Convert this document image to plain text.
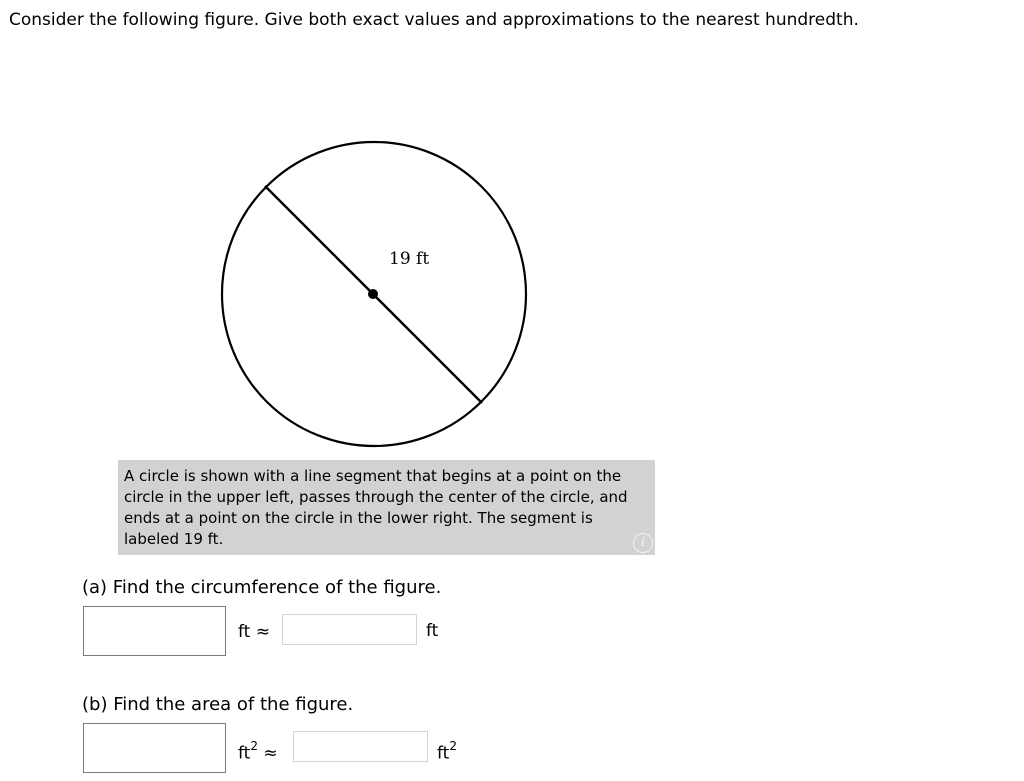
Consider the following figure. Give both exact values and approximations to the nearest hundredth.
19 ft
A circle is shown with a line segment that begins at a point on the circle in the upper left, passes through the center of the circle, and ends at a point on the circle in the lower right. The segment is labeled 19 ft.	i
(a) Find the circumference of the figure.
ft ≈	ft
(b) Find the area of the figure.
$ft^2$ ≈	$ft^2$
